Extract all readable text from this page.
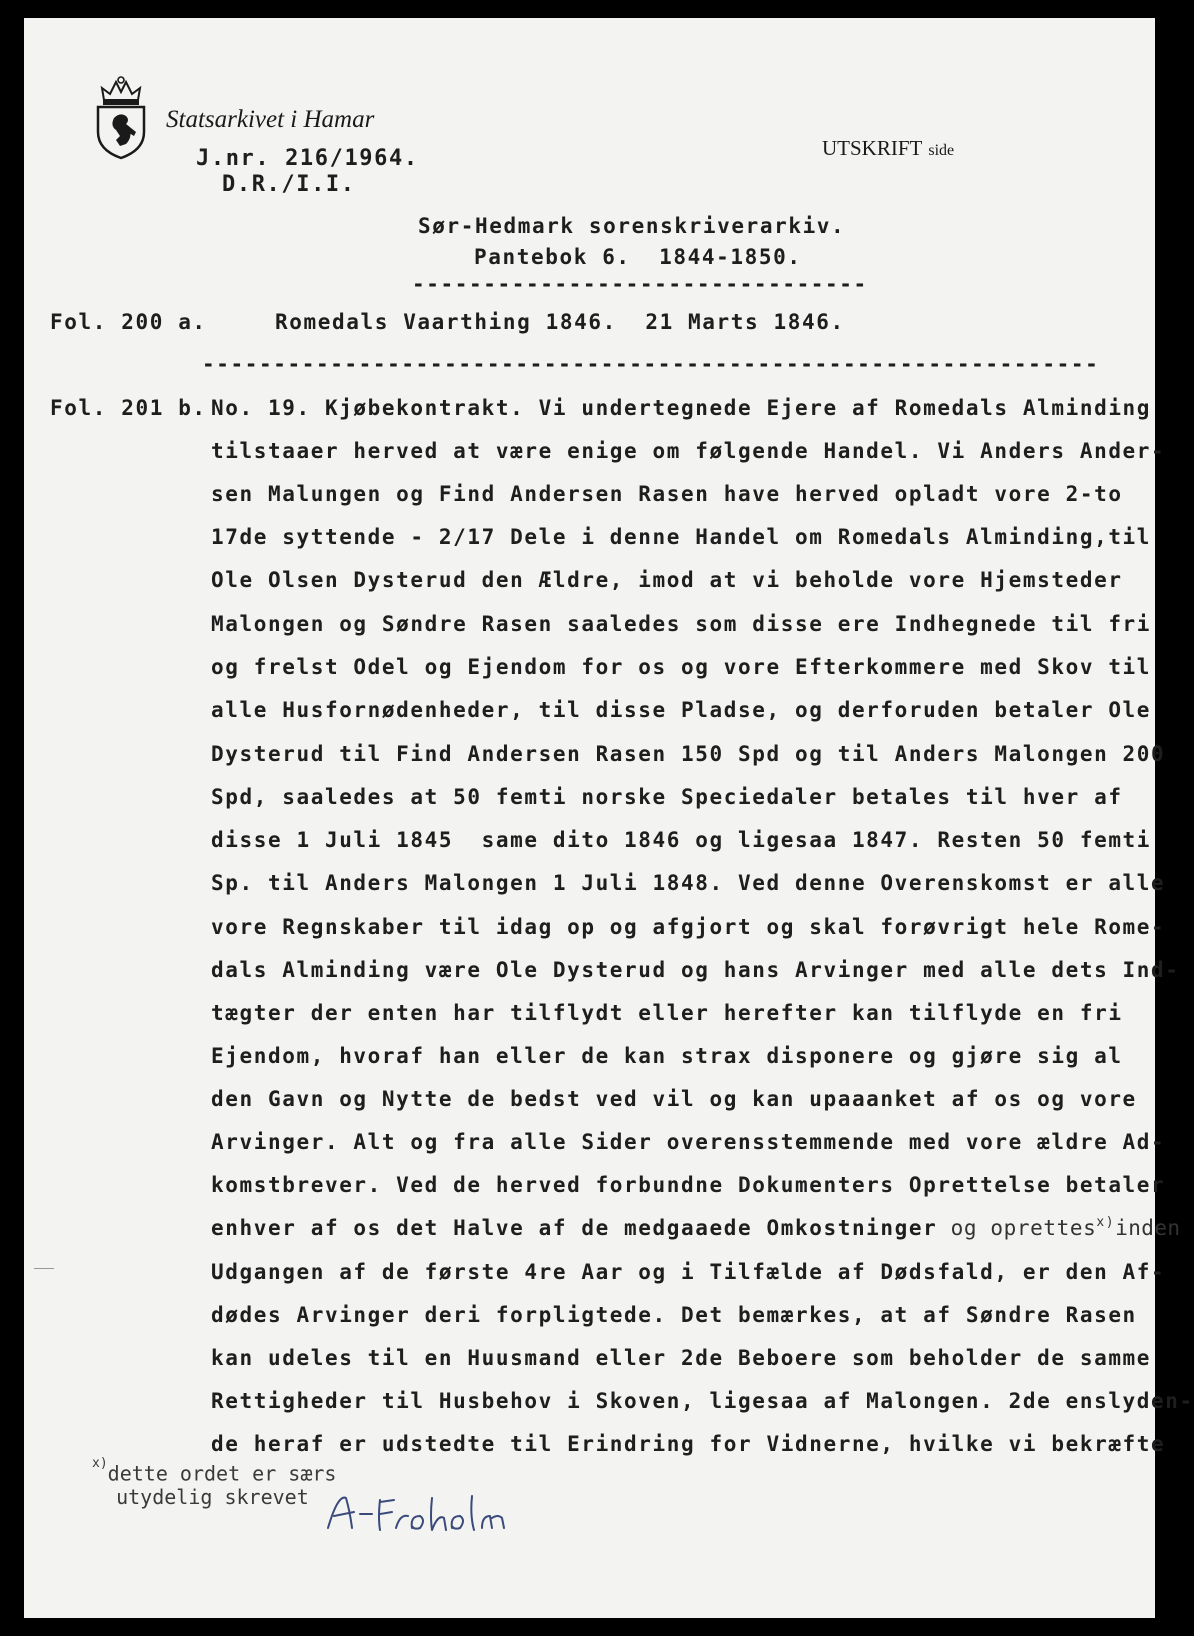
Statsarkivet i Hamar
J.nr. 216/1964.
D.R./I.I.
UTSKRIFT side
Sør-Hedmark sorenskriverarkiv.
Pantebok 6.  1844-1850.
--------------------------------
Fol. 200 a.	Romedals Vaarthing 1846.  21 Marts 1846.
---------------------------------------------------------------
Fol. 201 b. No. 19. Kjøbekontrakt. Vi undertegnede Ejere af Romedals Alminding
tilstaaer herved at være enige om følgende Handel. Vi Anders Ander-
sen Malungen og Find Andersen Rasen have herved opladt vore 2-to
17de syttende - 2/17 Dele i denne Handel om Romedals Alminding,til
Ole Olsen Dysterud den Ældre, imod at vi beholde vore Hjemsteder
Malongen og Søndre Rasen saaledes som disse ere Indhegnede til fri
og frelst Odel og Ejendom for os og vore Efterkommere med Skov til
alle Husfornødenheder, til disse Pladse, og derforuden betaler Ole
Dysterud til Find Andersen Rasen 150 Spd og til Anders Malongen 200
Spd, saaledes at 50 femti norske Speciedaler betales til hver af
disse 1 Juli 1845  same dito 1846 og ligesaa 1847. Resten 50 femti
Sp. til Anders Malongen 1 Juli 1848. Ved denne Overenskomst er alle
vore Regnskaber til idag op og afgjort og skal forøvrigt hele Rome-
dals Alminding være Ole Dysterud og hans Arvinger med alle dets Ind-
tægter der enten har tilflydt eller herefter kan tilflyde en fri
Ejendom, hvoraf han eller de kan strax disponere og gjøre sig al
den Gavn og Nytte de bedst ved vil og kan upaaanket af os og vore
Arvinger. Alt og fra alle Sider overensstemmende med vore ældre Ad-
komstbrever. Ved de herved forbundne Dokumenters Oprettelse betaler
enhver af os det Halve af de medgaaede Omkostninger og oprettes$^{x)}$inden
Udgangen af de første 4re Aar og i Tilfælde af Dødsfald, er den Af-
dødes Arvinger deri forpligtede. Det bemærkes, at af Søndre Rasen
kan udeles til en Huusmand eller 2de Beboere som beholder de samme
Rettigheder til Husbehov i Skoven, ligesaa af Malongen. 2de enslyden-
de heraf er udstedte til Erindring for Vidnerne, hvilke vi bekræfte
$^{x)}$dette ordet er særs
utydelig skrevet
